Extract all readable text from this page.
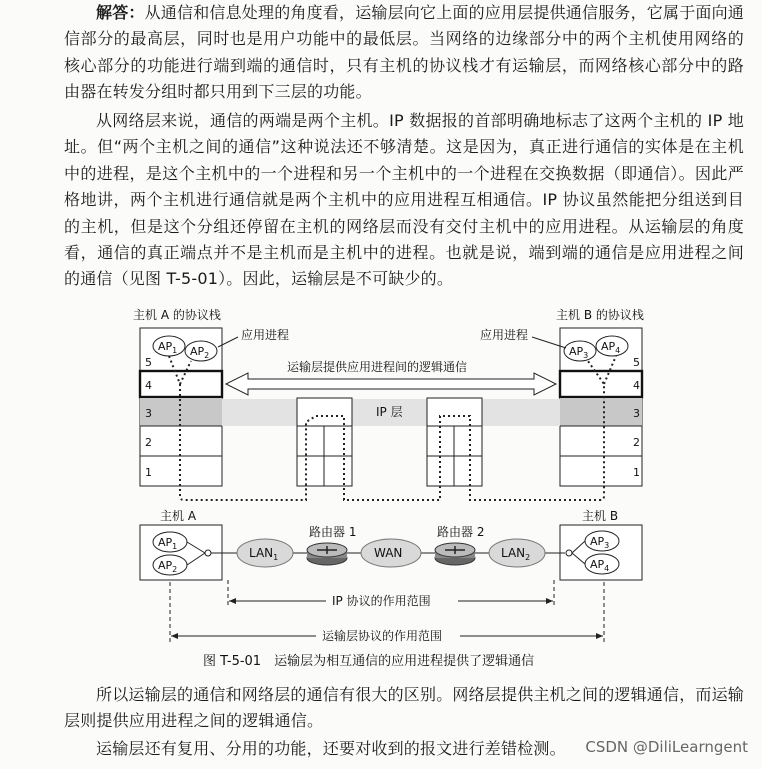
解答：从通信和信息处理的角度看，运输层向它上面的应用层提供通信服务，它属于面向通信部分的最高层，同时也是用户功能中的最低层。当网络的边缘部分中的两个主机使用网络的核心部分的功能进行端到端的通信时，只有主机的协议栈才有运输层，而网络核心部分中的路由器在转发分组时都只用到下三层的功能。

从网络层来说，通信的两端是两个主机。IP 数据报的首部明确地标志了这两个主机的 IP 地址。但“两个主机之间的通信”这种说法还不够清楚。这是因为，真正进行通信的实体是在主机中的进程，是这个主机中的一个进程和另一个主机中的一个进程在交换数据（即通信）。因此严格地讲，两个主机进行通信就是两个主机中的应用进程互相通信。IP 协议虽然能把分组送到目的主机，但是这个分组还停留在主机的网络层而没有交付主机中的应用进程。从运输层的角度看，通信的真正端点并不是主机而是主机中的进程。也就是说，端到端的通信是应用进程之间的通信（见图 T-5-01）。因此，运输层是不可缺少的。

主机 A 的协议栈	主机 B 的协议栈
5
4
3
2
1
$AP_1$ $AP_2$
5
4
3
2
1
$AP_3$
$AP_4$
应用进程	应用进程
IP 层
运输层提供应用进程间的逻辑通信
主机 A	主机 B
$AP_1$
$AP_2$
$AP_3$
$AP_4$
$LAN_1$	WAN	$LAN_2$
路由器 1	路由器 2
IP 协议的作用范围
运输层协议的作用范围
图 T-5-01　运输层为相互通信的应用进程提供了逻辑通信

所以运输层的通信和网络层的通信有很大的区别。网络层提供主机之间的逻辑通信，而运输层则提供应用进程之间的逻辑通信。

运输层还有复用、分用的功能，还要对收到的报文进行差错检测。	CSDN @DiliLearngent
